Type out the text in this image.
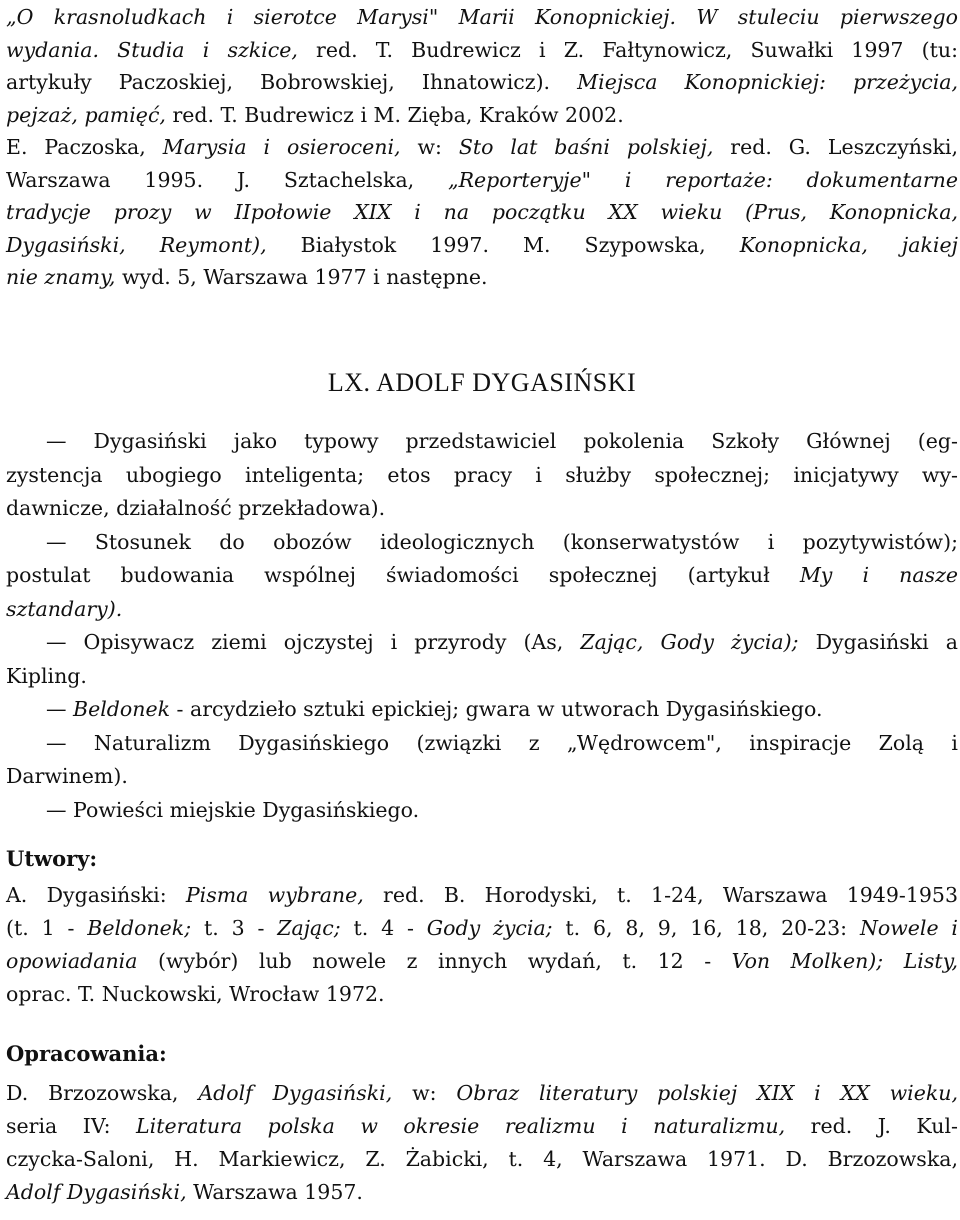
„O krasnoludkach i sierotce Marysi" Marii Konopnickiej. W stuleciu pierwszego
wydania. Studia i szkice, red. T. Budrewicz i Z. Fałtynowicz, Suwałki 1997 (tu:
artykuły Paczoskiej, Bobrowskiej, Ihnatowicz). Miejsca Konopnickiej: przeżycia,
pejzaż, pamięć, red. T. Budrewicz i M. Zięba, Kraków 2002.
E. Paczoska, Marysia i osieroceni, w: Sto lat baśni polskiej, red. G. Leszczyński,
Warszawa 1995. J. Sztachelska, „Reporteryje" i reportaże: dokumentarne
tradycje prozy w IIpołowie XIX i na początku XX wieku (Prus, Konopnicka,
Dygasiński, Reymont), Białystok 1997. M. Szypowska, Konopnicka, jakiej
nie znamy, wyd. 5, Warszawa 1977 i następne.
LX. ADOLF DYGASIŃSKI
— Dygasiński jako typowy przedstawiciel pokolenia Szkoły Głównej (eg-
zystencja ubogiego inteligenta; etos pracy i służby społecznej; inicjatywy wy-
dawnicze, działalność przekładowa).
— Stosunek do obozów ideologicznych (konserwatystów i pozytywistów);
postulat budowania wspólnej świadomości społecznej (artykuł My i nasze
sztandary).
— Opisywacz ziemi ojczystej i przyrody (As, Zając, Gody życia); Dygasiński a
Kipling.
— Beldonek - arcydzieło sztuki epickiej; gwara w utworach Dygasińskiego.
— Naturalizm Dygasińskiego (związki z „Wędrowcem", inspiracje Zolą i
Darwinem).
— Powieści miejskie Dygasińskiego.
Utwory:
A. Dygasiński: Pisma wybrane, red. B. Horodyski, t. 1-24, Warszawa 1949-1953
(t. 1 - Beldonek; t. 3 - Zając; t. 4 - Gody życia; t. 6, 8, 9, 16, 18, 20-23: Nowele i
opowiadania (wybór) lub nowele z innych wydań, t. 12 - Von Molken); Listy,
oprac. T. Nuckowski, Wrocław 1972.
Opracowania:
D. Brzozowska, Adolf Dygasiński, w: Obraz literatury polskiej XIX i XX wieku,
seria IV: Literatura polska w okresie realizmu i naturalizmu, red. J. Kul-
czycka-Saloni, H. Markiewicz, Z. Żabicki, t. 4, Warszawa 1971. D. Brzozowska,
Adolf Dygasiński, Warszawa 1957.
